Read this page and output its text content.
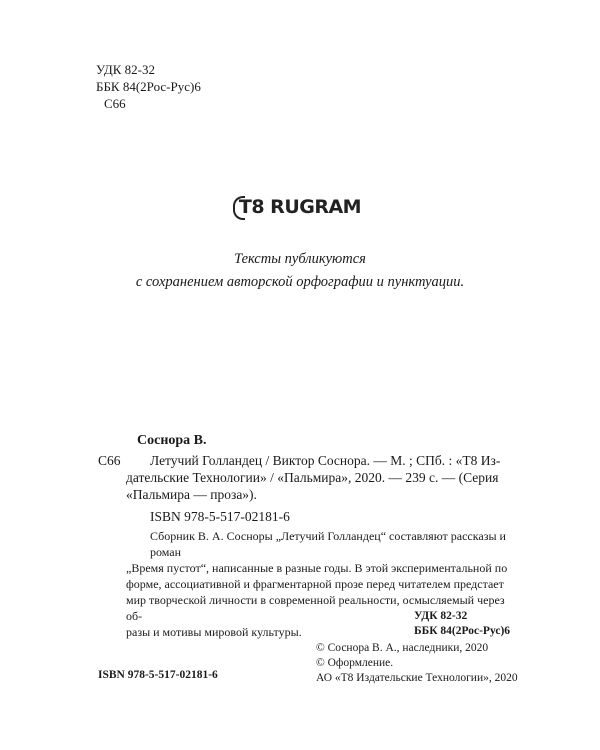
УДК 82-32
ББК 84(2Рос-Рус)6
С66
T8 RUGRAM
Тексты публикуются
с сохранением авторской орфографии и пунктуации.
Соснора В.
С66 Летучий Голландец / Виктор Соснора. — М. ; СПб. : «Т8 Из-
дательские Технологии» / «Пальмира», 2020. — 239 с. — (Серия
«Пальмира — проза»).
ISBN 978-5-517-02181-6
Сборник В. А. Сосноры „Летучий Голландец“ составляют рассказы и роман
„Время пустот“, написанные в разные годы. В этой экспериментальной по
форме, ассоциативной и фрагментарной прозе перед читателем предстает
мир творческой личности в современной реальности, осмысляемый через об-
разы и мотивы мировой культуры.
УДК 82-32
ББК 84(2Рос-Рус)6
© Соснора В. А., наследники, 2020
© Оформление.
АО «Т8 Издательские Технологии», 2020
ISBN 978-5-517-02181-6
